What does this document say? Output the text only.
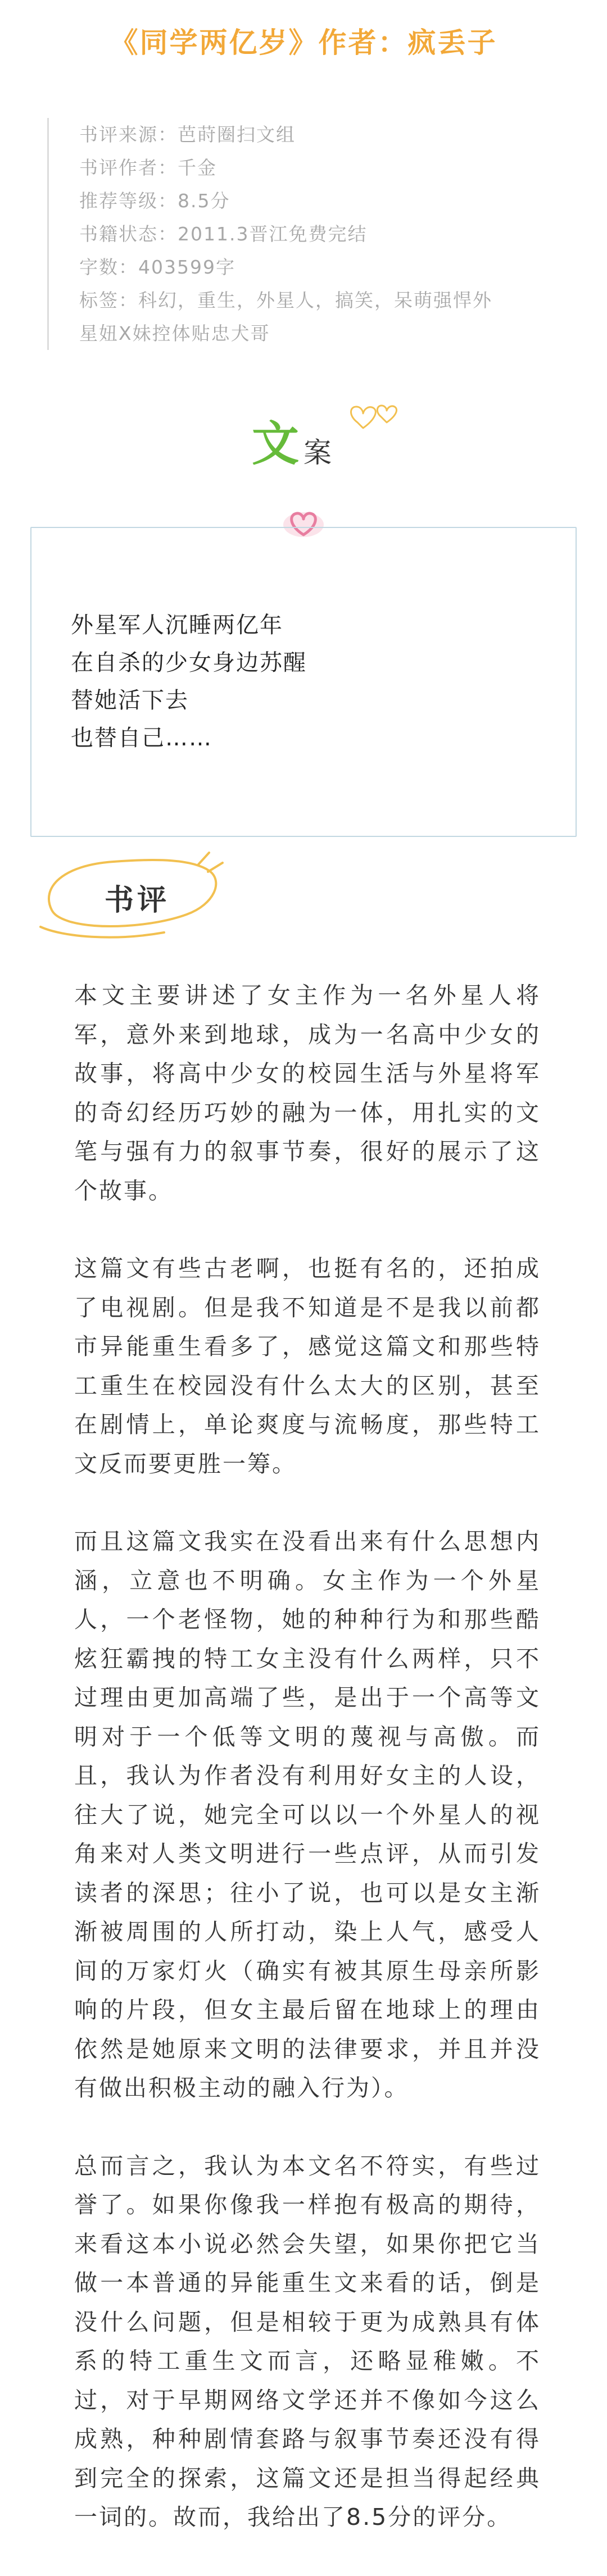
《同学两亿岁》作者：疯丢子

书评来源：芭莳圈扫文组

书评作者：千金

推荐等级：8.5分

书籍状态：2011.3晋江免费完结

字数：403599字

标签：科幻，重生，外星人，搞笑，呆萌强悍外

星妞X妹控体贴忠犬哥

文 案

外星军人沉睡两亿年

在自杀的少女身边苏醒

替她活下去

也替自己……

书评

本文主要讲述了女主作为一名外星人将军，意外来到地球，成为一名高中少女的故事，将高中少女的校园生活与外星将军的奇幻经历巧妙的融为一体，用扎实的文笔与强有力的叙事节奏，很好的展示了这个故事。

这篇文有些古老啊，也挺有名的，还拍成了电视剧。但是我不知道是不是我以前都市异能重生看多了，感觉这篇文和那些特工重生在校园没有什么太大的区别，甚至在剧情上，单论爽度与流畅度，那些特工文反而要更胜一筹。

而且这篇文我实在没看出来有什么思想内涵，立意也不明确。女主作为一个外星人，一个老怪物，她的种种行为和那些酷炫狂霸拽的特工女主没有什么两样，只不过理由更加高端了些，是出于一个高等文明对于一个低等文明的蔑视与高傲。而且，我认为作者没有利用好女主的人设，往大了说，她完全可以以一个外星人的视角来对人类文明进行一些点评，从而引发读者的深思；往小了说，也可以是女主渐渐被周围的人所打动，染上人气，感受人间的万家灯火（确实有被其原生母亲所影响的片段，但女主最后留在地球上的理由依然是她原来文明的法律要求，并且并没有做出积极主动的融入行为）。

总而言之，我认为本文名不符实，有些过誉了。如果你像我一样抱有极高的期待，来看这本小说必然会失望，如果你把它当做一本普通的异能重生文来看的话，倒是没什么问题，但是相较于更为成熟具有体系的特工重生文而言，还略显稚嫩。不过，对于早期网络文学还并不像如今这么成熟，种种剧情套路与叙事节奏还没有得到完全的探索，这篇文还是担当得起经典一词的。故而，我给出了8.5分的评分。
